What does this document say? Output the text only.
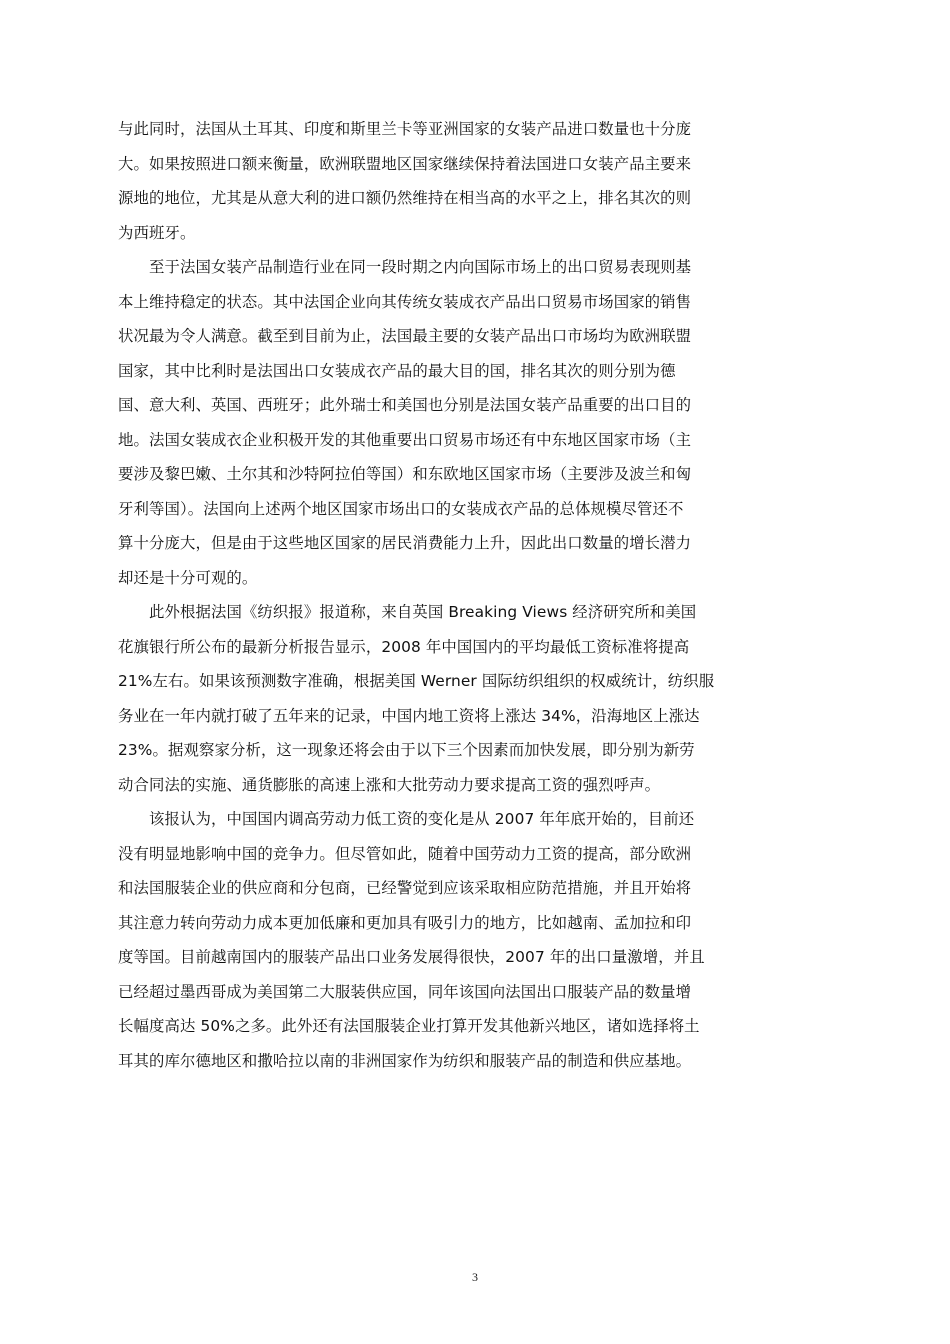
与此同时，法国从土耳其、印度和斯里兰卡等亚洲国家的女装产品进口数量也十分庞
大。如果按照进口额来衡量，欧洲联盟地区国家继续保持着法国进口女装产品主要来
源地的地位，尤其是从意大利的进口额仍然维持在相当高的水平之上，排名其次的则
为西班牙。
至于法国女装产品制造行业在同一段时期之内向国际市场上的出口贸易表现则基
本上维持稳定的状态。其中法国企业向其传统女装成衣产品出口贸易市场国家的销售
状况最为令人满意。截至到目前为止，法国最主要的女装产品出口市场均为欧洲联盟
国家，其中比利时是法国出口女装成衣产品的最大目的国，排名其次的则分别为德
国、意大利、英国、西班牙；此外瑞士和美国也分别是法国女装产品重要的出口目的
地。法国女装成衣企业积极开发的其他重要出口贸易市场还有中东地区国家市场（主
要涉及黎巴嫩、土尔其和沙特阿拉伯等国）和东欧地区国家市场（主要涉及波兰和匈
牙利等国）。法国向上述两个地区国家市场出口的女装成衣产品的总体规模尽管还不
算十分庞大，但是由于这些地区国家的居民消费能力上升，因此出口数量的增长潜力
却还是十分可观的。
此外根据法国《纺织报》报道称，来自英国 Breaking Views 经济研究所和美国
花旗银行所公布的最新分析报告显示，2008 年中国国内的平均最低工资标准将提高
21%左右。如果该预测数字准确，根据美国 Werner 国际纺织组织的权威统计，纺织服
务业在一年内就打破了五年来的记录，中国内地工资将上涨达 34%，沿海地区上涨达
23%。据观察家分析，这一现象还将会由于以下三个因素而加快发展，即分别为新劳
动合同法的实施、通货膨胀的高速上涨和大批劳动力要求提高工资的强烈呼声。
该报认为，中国国内调高劳动力低工资的变化是从 2007 年年底开始的，目前还
没有明显地影响中国的竞争力。但尽管如此，随着中国劳动力工资的提高，部分欧洲
和法国服装企业的供应商和分包商，已经警觉到应该采取相应防范措施，并且开始将
其注意力转向劳动力成本更加低廉和更加具有吸引力的地方，比如越南、孟加拉和印
度等国。目前越南国内的服装产品出口业务发展得很快，2007 年的出口量激增，并且
已经超过墨西哥成为美国第二大服装供应国，同年该国向法国出口服装产品的数量增
长幅度高达 50%之多。此外还有法国服装企业打算开发其他新兴地区，诸如选择将土
耳其的库尔德地区和撒哈拉以南的非洲国家作为纺织和服装产品的制造和供应基地。
3
